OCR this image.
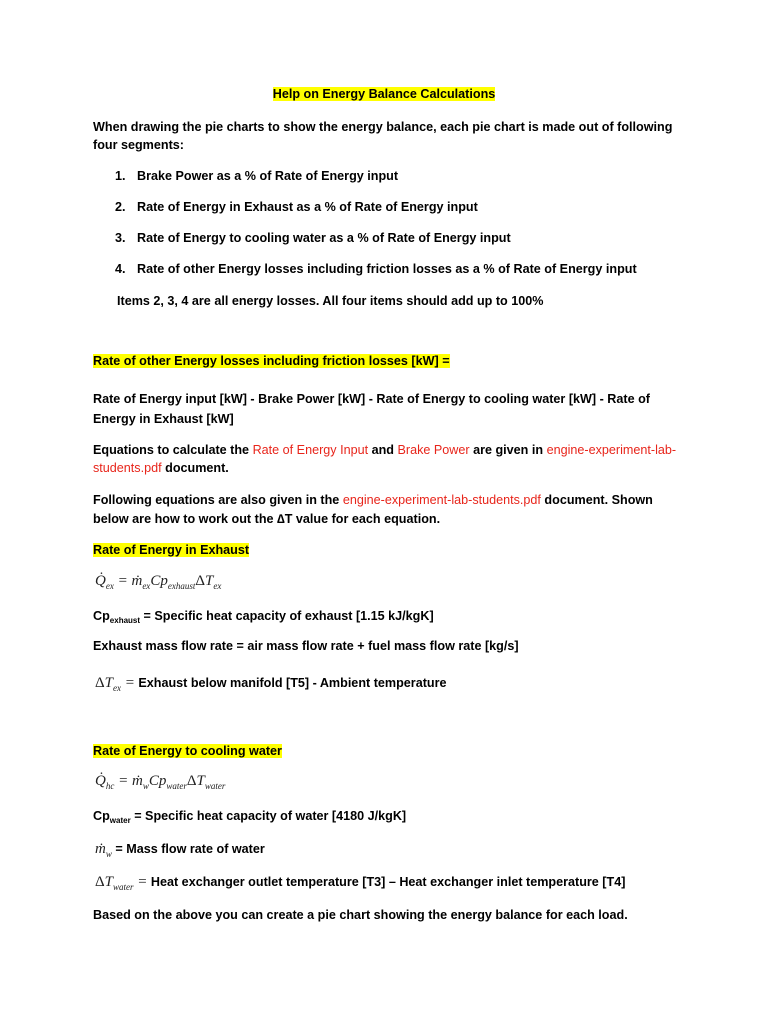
Help on Energy Balance Calculations
When drawing the pie charts to show the energy balance, each pie chart is made out of following
four segments:
1. Brake Power as a % of Rate of Energy input
2. Rate of Energy in Exhaust as a % of Rate of Energy input
3. Rate of Energy to cooling water as a % of Rate of Energy input
4. Rate of other Energy losses including friction losses as a % of Rate of Energy input
Items 2, 3, 4 are all energy losses. All four items should add up to 100%
Rate of other Energy losses including friction losses [kW] =
Rate of Energy input [kW] - Brake Power [kW] - Rate of Energy to cooling water [kW] - Rate of
Energy in Exhaust [kW]
Equations to calculate the Rate of Energy Input and Brake Power are given in engine-experiment-lab-
students.pdf document.
Following equations are also given in the engine-experiment-lab-students.pdf document. Shown
below are how to work out the ∆T value for each equation.
Rate of Energy in Exhaust
$Q̇_{ex}$ = $ṁ_{ex}Cp_{exhaust}\Delta T_{ex}$
$Cp_{exhaust}$ = Specific heat capacity of exhaust [1.15 kJ/kgK]
Exhaust mass flow rate = air mass flow rate + fuel mass flow rate [kg/s]
$\Delta T_{ex}$ = Exhaust below manifold [T5] - Ambient temperature
Rate of Energy to cooling water
$Q̇_{hc}$ = $ṁ_wCp_{water}\Delta T_{water}$
$Cp_{water}$ = Specific heat capacity of water [4180 J/kgK]
ṁ$_w$ = Mass flow rate of water
$\Delta T_{water}$ = Heat exchanger outlet temperature [T3] – Heat exchanger inlet temperature [T4]
Based on the above you can create a pie chart showing the energy balance for each load.
